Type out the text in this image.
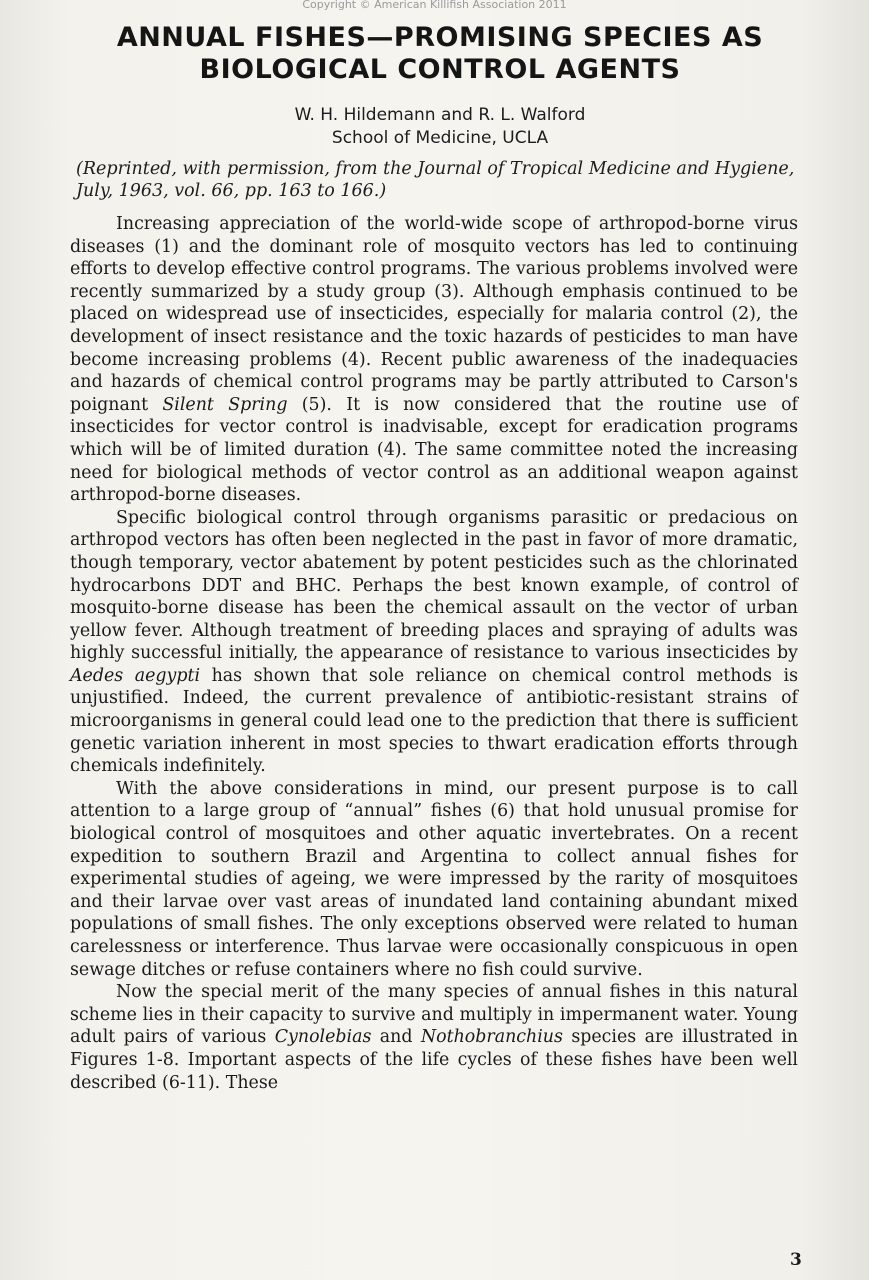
Copyright © American Killifish Association 2011
ANNUAL FISHES—PROMISING SPECIES AS
BIOLOGICAL CONTROL AGENTS
W. H. Hildemann and R. L. Walford
School of Medicine, UCLA
(Reprinted, with permission, from the Journal of Tropical Medicine and Hygiene, July, 1963, vol. 66, pp. 163 to 166.)

Increasing appreciation of the world-wide scope of arthropod-borne virus diseases (1) and the dominant role of mosquito vectors has led to continuing efforts to develop effective control programs. The various problems involved were recently summarized by a study group (3). Although emphasis continued to be placed on widespread use of insecticides, especially for malaria control (2), the development of insect resistance and the toxic hazards of pesticides to man have become increasing problems (4). Recent public awareness of the inadequacies and hazards of chemical control programs may be partly attributed to Carson's poignant Silent Spring (5). It is now considered that the routine use of insecticides for vector control is inadvisable, except for eradication programs which will be of limited duration (4). The same committee noted the increasing need for biological methods of vector control as an additional weapon against arthropod-borne diseases.

Specific biological control through organisms parasitic or predacious on arthropod vectors has often been neglected in the past in favor of more dramatic, though temporary, vector abatement by potent pesticides such as the chlorinated hydrocarbons DDT and BHC. Perhaps the best known example, of control of mosquito-borne disease has been the chemical assault on the vector of urban yellow fever. Although treatment of breeding places and spraying of adults was highly successful initially, the appearance of resistance to various insecticides by Aedes aegypti has shown that sole reliance on chemical control methods is unjustified. Indeed, the current prevalence of antibiotic-resistant strains of microorganisms in general could lead one to the prediction that there is sufficient genetic variation inherent in most species to thwart eradication efforts through chemicals indefinitely.

With the above considerations in mind, our present purpose is to call attention to a large group of “annual” fishes (6) that hold unusual promise for biological control of mosquitoes and other aquatic invertebrates. On a recent expedition to southern Brazil and Argentina to collect annual fishes for experimental studies of ageing, we were impressed by the rarity of mosquitoes and their larvae over vast areas of inundated land containing abundant mixed populations of small fishes. The only exceptions observed were related to human carelessness or interference. Thus larvae were occasionally conspicuous in open sewage ditches or refuse containers where no fish could survive.

Now the special merit of the many species of annual fishes in this natural scheme lies in their capacity to survive and multiply in impermanent water. Young adult pairs of various Cynolebias and Nothobranchius species are illustrated in Figures 1-8. Important aspects of the life cycles of these fishes have been well described (6-11). These

3
